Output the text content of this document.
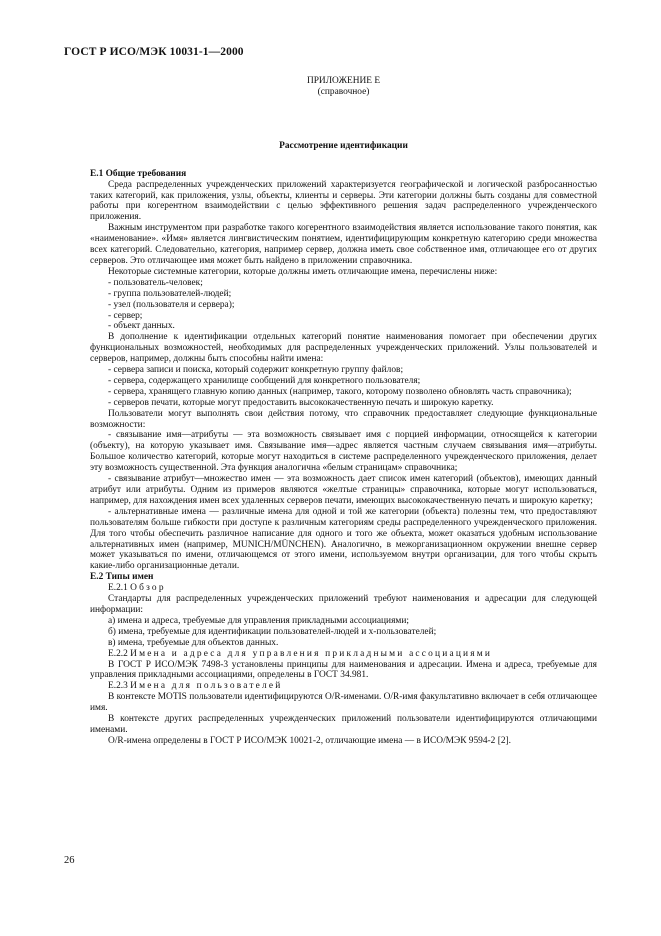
ГОСТ Р ИСО/МЭК 10031-1—2000
ПРИЛОЖЕНИЕ Е
(справочное)
Рассмотрение идентификации
Е.1 Общие требования

Среда распределенных учрежденческих приложений характеризуется географической и логической разбросанностью таких категорий, как приложения, узлы, объекты, клиенты и серверы. Эти категории должны быть созданы для совместной работы при когерентном взаимодействии с целью эффективного решения задач распределенного учрежденческого приложения.

Важным инструментом при разработке такого когерентного взаимодействия является использование такого понятия, как «наименование». «Имя» является лингвистическим понятием, идентифицирующим конкретную категорию среди множества всех категорий. Следовательно, категория, например сервер, должна иметь свое собственное имя, отличающее его от других серверов. Это отличающее имя может быть найдено в приложении справочника.

Некоторые системные категории, которые должны иметь отличающие имена, перечислены ниже:

- пользователь-человек;

- группа пользователей-людей;

- узел (пользователя и сервера);

- сервер;

- объект данных.

В дополнение к идентификации отдельных категорий понятие наименования помогает при обеспечении других функциональных возможностей, необходимых для распределенных учрежденческих приложений. Узлы пользователей и серверов, например, должны быть способны найти имена:

- сервера записи и поиска, который содержит конкретную группу файлов;

- сервера, содержащего хранилище сообщений для конкретного пользователя;

- сервера, хранящего главную копию данных (например, такого, которому позволено обновлять часть справочника);

- серверов печати, которые могут предоставить высококачественную печать и широкую каретку.

Пользователи могут выполнять свои действия потому, что справочник предоставляет следующие функциональные возможности:

- связывание имя—атрибуты — эта возможность связывает имя с порцией информации, относящейся к категории (объекту), на которую указывает имя. Связывание имя—адрес является частным случаем связывания имя—атрибуты. Большое количество категорий, которые могут находиться в системе распределенного учрежденческого приложения, делает эту возможность существенной. Эта функция аналогична «белым страницам» справочника;

- связывание атрибут—множество имен — эта возможность дает список имен категорий (объектов), имеющих данный атрибут или атрибуты. Одним из примеров являются «желтые страницы» справочника, которые могут использоваться, например, для нахождения имен всех удаленных серверов печати, имеющих высококачественную печать и широкую каретку;

- альтернативные имена — различные имена для одной и той же категории (объекта) полезны тем, что предоставляют пользователям больше гибкости при доступе к различным категориям среды распределенного учрежденческого приложения. Для того чтобы обеспечить различное написание для одного и того же объекта, может оказаться удобным использование альтернативных имен (например, MUNICH/MÜNCHEN). Аналогично, в межорганизационном окружении внешне сервер может указываться по имени, отличающемся от этого имени, используемом внутри организации, для того чтобы скрыть какие-либо организационные детали.

Е.2 Типы имен

Е.2.1 Обзор

Стандарты для распределенных учрежденческих приложений требуют наименования и адресации для следующей информации:

а) имена и адреса, требуемые для управления прикладными ассоциациями;

б) имена, требуемые для идентификации пользователей-людей и х-пользователей;

в) имена, требуемые для объектов данных.

Е.2.2 Имена и адреса для управления прикладными ассоциациями

В ГОСТ Р ИСО/МЭК 7498-3 установлены принципы для наименования и адресации. Имена и адреса, требуемые для управления прикладными ассоциациями, определены в ГОСТ 34.981.

Е.2.3 Имена для пользователей

В контексте MOTIS пользователи идентифицируются О/R-именами. О/R-имя факультативно включает в себя отличающее имя.

В контексте других распределенных учрежденческих приложений пользователи идентифицируются отличающими именами.

О/R-имена определены в ГОСТ Р ИСО/МЭК 10021-2, отличающие имена — в ИСО/МЭК 9594-2 [2].

26
